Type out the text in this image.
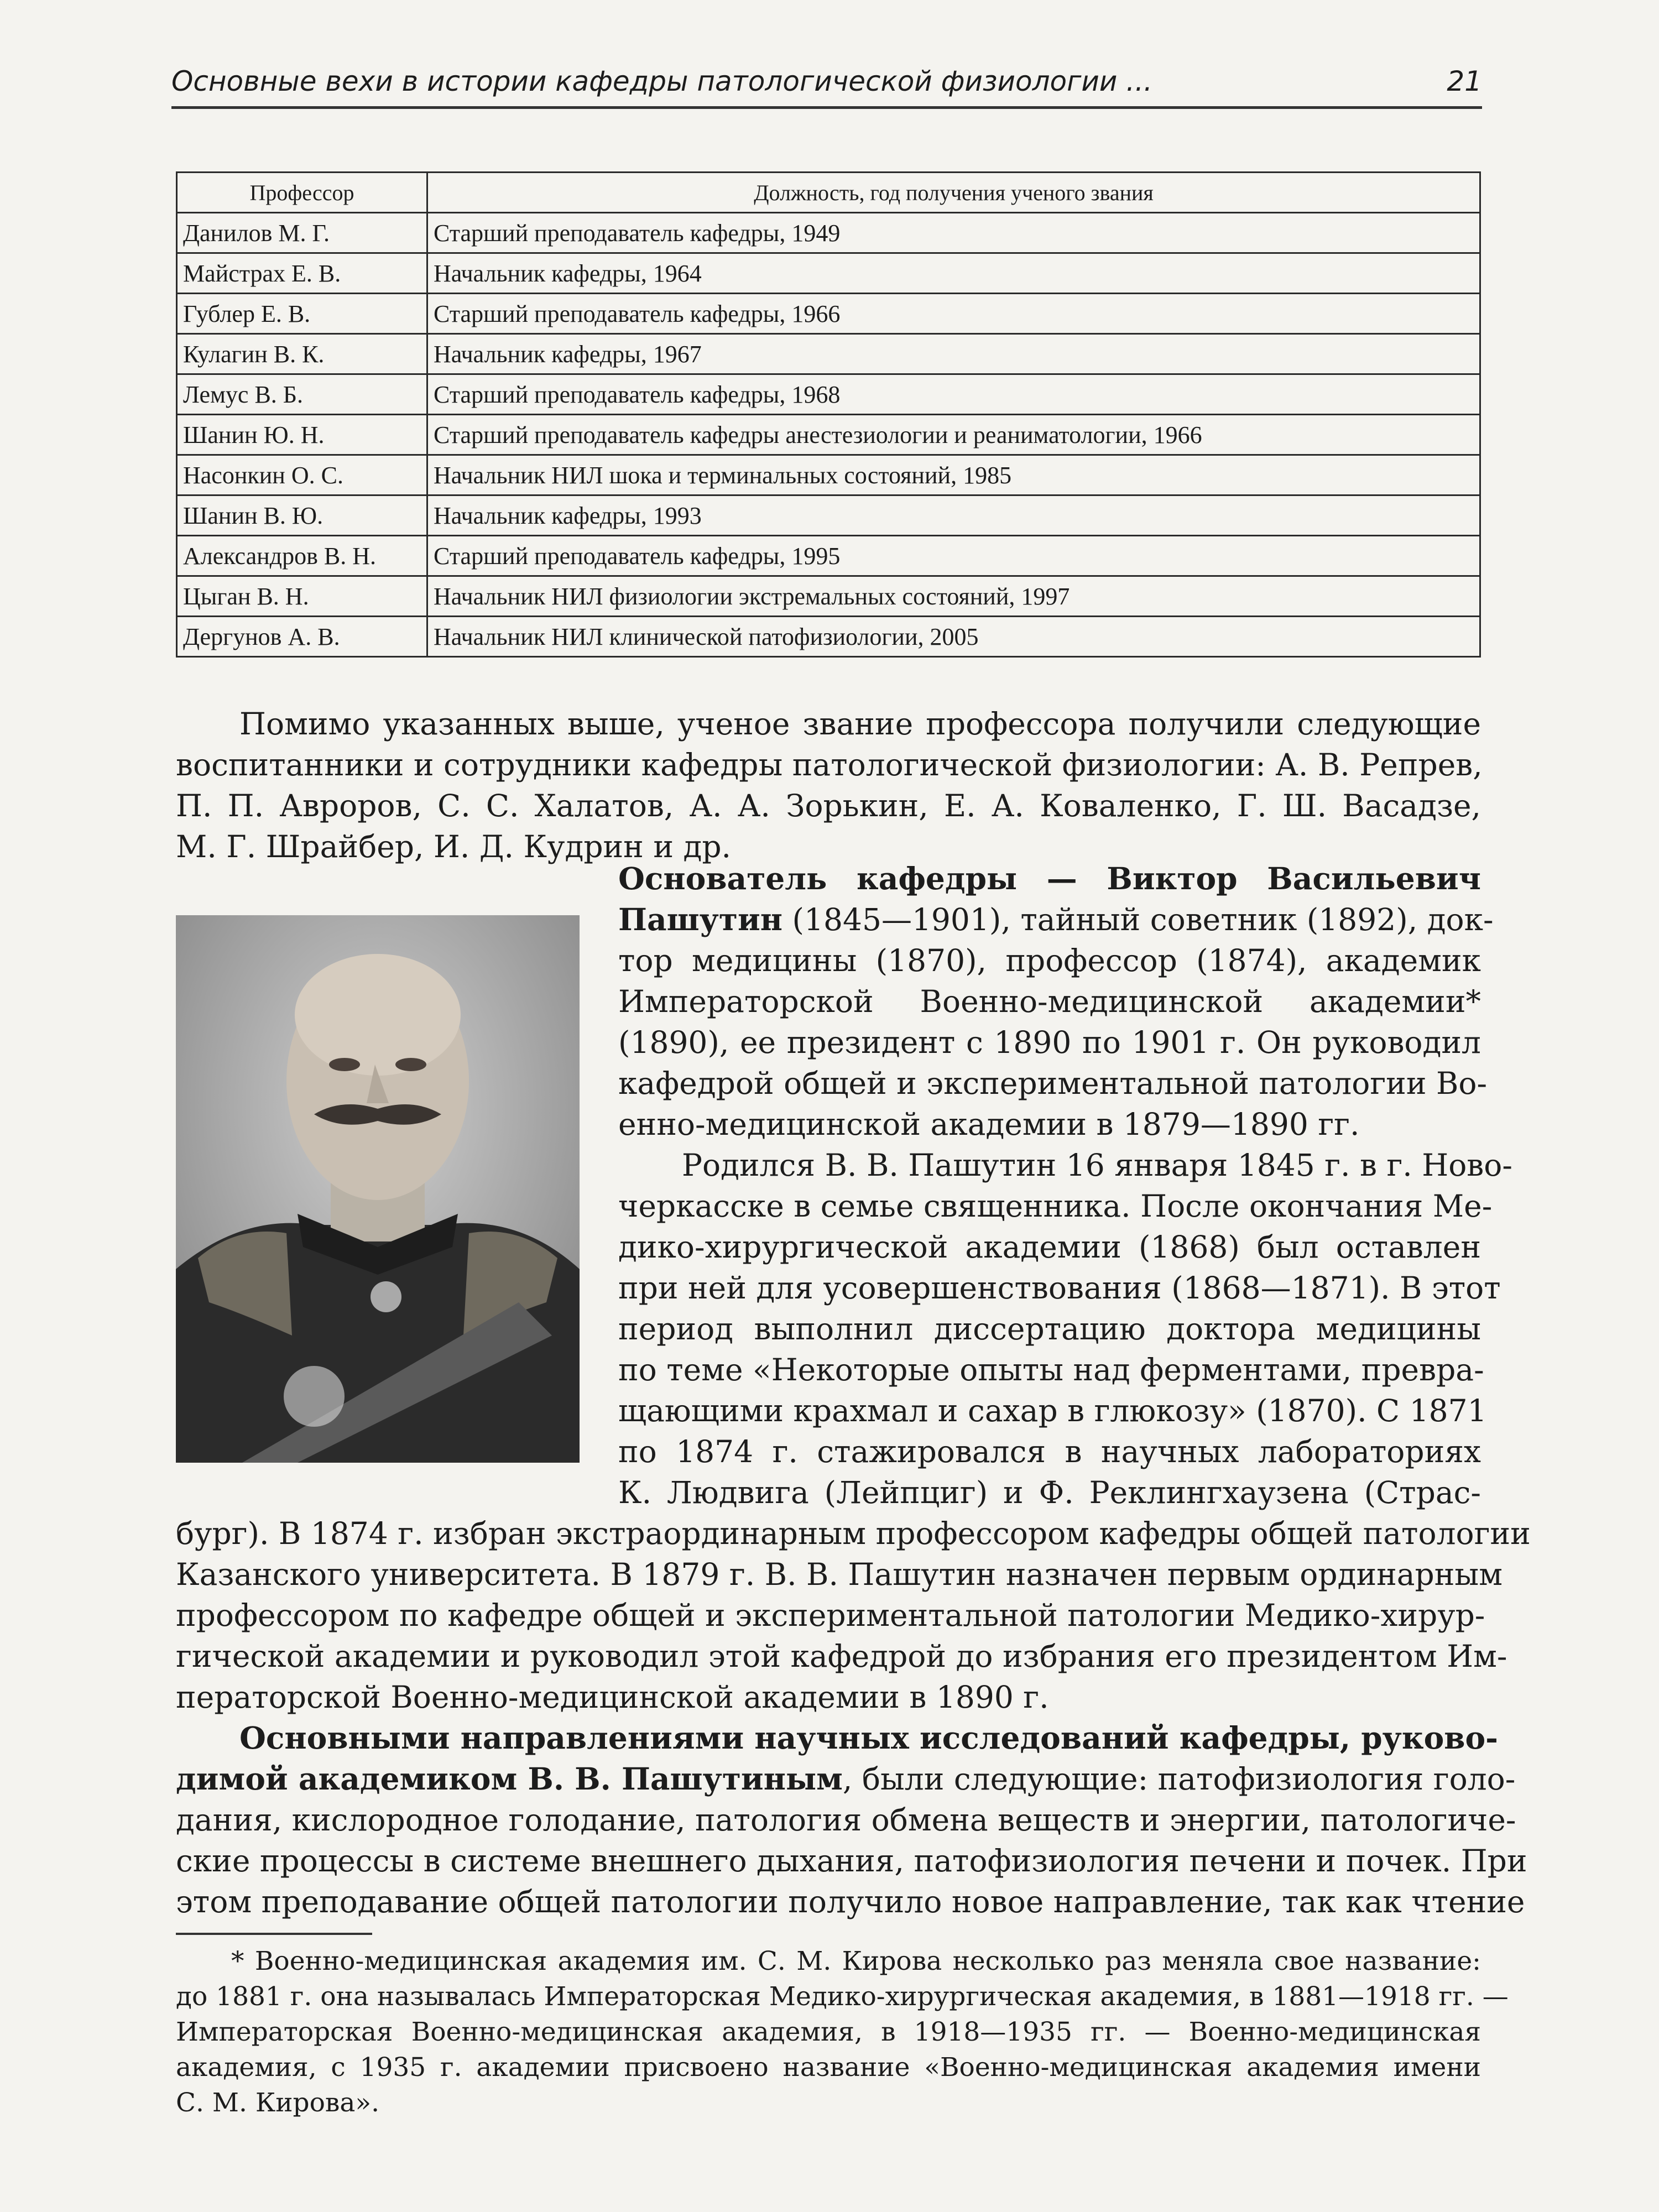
Основные вехи в истории кафедры патологической физиологии ...	21
Профессор	Должность, год получения ученого звания
Данилов М. Г.	Старший преподаватель кафедры, 1949
Майстрах Е. В.	Начальник кафедры, 1964
Гублер Е. В.	Старший преподаватель кафедры, 1966
Кулагин В. К.	Начальник кафедры, 1967
Лемус В. Б.	Старший преподаватель кафедры, 1968
Шанин Ю. Н.	Старший преподаватель кафедры анестезиологии и реаниматологии, 1966
Насонкин О. С.	Начальник НИЛ шока и терминальных состояний, 1985
Шанин В. Ю.	Начальник кафедры, 1993
Александров В. Н.	Старший преподаватель кафедры, 1995
Цыган В. Н.	Начальник НИЛ физиологии экстремальных состояний, 1997
Дергунов А. В.	Начальник НИЛ клинической патофизиологии, 2005
Помимо указанных выше, ученое звание профессора получили следующие
воспитанники и сотрудники кафедры патологической физиологии: А. В. Репрев,
П. П. Авроров, С. С. Халатов, А. А. Зорькин, Е. А. Коваленко, Г. Ш. Васадзе,
М. Г. Шрайбер, И. Д. Кудрин и др.
Основатель кафедры — Виктор Васильевич
Пашутин (1845—1901), тайный советник (1892), док-
тор медицины (1870), профессор (1874), академик
Императорской Военно-медицинской академии*
(1890), ее президент с 1890 по 1901 г. Он руководил
кафедрой общей и экспериментальной патологии Во-
енно-медицинской академии в 1879—1890 гг.
Родился В. В. Пашутин 16 января 1845 г. в г. Ново-
черкасске в семье священника. После окончания Ме-
дико-хирургической академии (1868) был оставлен
при ней для усовершенствования (1868—1871). В этот
период выполнил диссертацию доктора медицины
по теме «Некоторые опыты над ферментами, превра-
щающими крахмал и сахар в глюкозу» (1870). С 1871
по 1874 г. стажировался в научных лабораториях
К. Людвига (Лейпциг) и Ф. Реклингхаузена (Страс-
бург). В 1874 г. избран экстраординарным профессором кафедры общей патологии
Казанского университета. В 1879 г. В. В. Пашутин назначен первым ординарным
профессором по кафедре общей и экспериментальной патологии Медико-хирур-
гической академии и руководил этой кафедрой до избрания его президентом Им-
ператорской Военно-медицинской академии в 1890 г.
Основными направлениями научных исследований кафедры, руково-
димой академиком В. В. Пашутиным, были следующие: патофизиология голо-
дания, кислородное голодание, патология обмена веществ и энергии, патологиче-
ские процессы в системе внешнего дыхания, патофизиология печени и почек. При
этом преподавание общей патологии получило новое направление, так как чтение
* Военно-медицинская академия им. С. М. Кирова несколько раз меняла свое название:
до 1881 г. она называлась Императорская Медико-хирургическая академия, в 1881—1918 гг. —
Императорская Военно-медицинская академия, в 1918—1935 гг. — Военно-медицинская
академия, с 1935 г. академии присвоено название «Военно-медицинская академия имени
С. М. Кирова».
